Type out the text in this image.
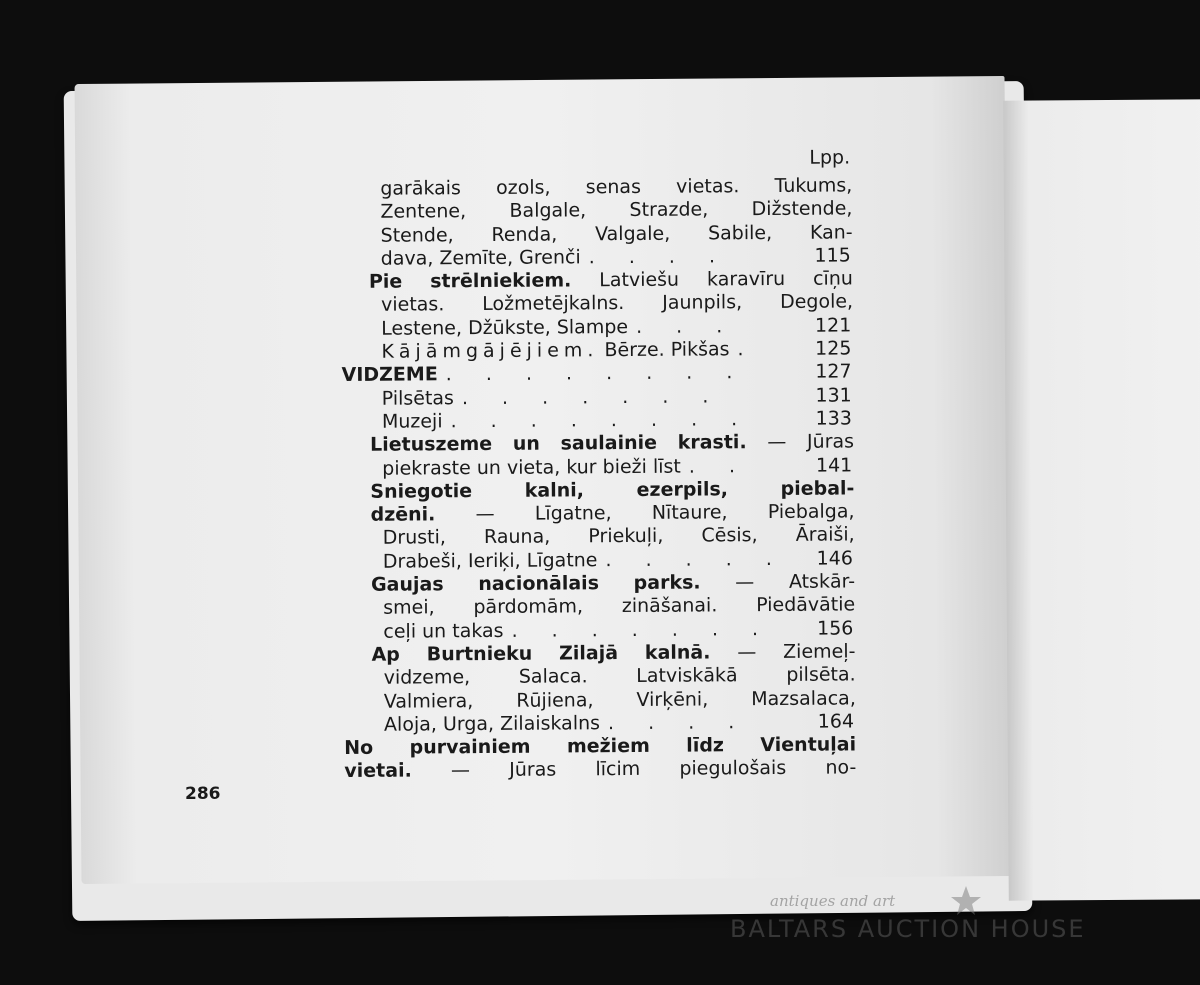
Lpp.
garākais ozols, senas vietas. Tukums,
Zentene, Balgale, Strazde, Dižstende,
Stende, Renda, Valgale, Sabile, Kan-
dava, Zemīte, Grenči . . . .	115
Pie strēlniekiem. Latviešu karavīru cīņu
vietas. Ložmetējkalns. Jaunpils, Degole,
Lestene, Džūkste, Slampe . . .	121
Kājāmgājējiem. Bērze. Pikšas .	125
VIDZEME . . . . . . . .	127
Pilsētas . . . . . . .	131
Muzeji . . . . . . . .	133
Lietuszeme un saulainie krasti. — Jūras
piekraste un vieta, kur bieži līst . .	141
Sniegotie	kalni,	ezerpils,	piebal-
dzēni. — Līgatne, Nītaure, Piebalga,
Drusti, Rauna, Priekuļi, Cēsis, Āraiši,
Drabeši, Ieriķi, Līgatne . . . . . 146
Gaujas nacionālais parks. — Atskār-
smei, pārdomām, zināšanai. Piedāvātie
ceļi un takas . . . . . . . 156
Ap Burtnieku Zilajā kalnā. — Ziemeļ-
vidzeme,	Salaca.	Latviskākā	pilsēta.
Valmiera, Rūjiena, Virķēni, Mazsalaca,
Aloja, Urga, Zilaiskalns . . . .	164
No purvainiem mežiem līdz Vientuļai
vietai. — Jūras līcim piegulošais no-
286
antiques and art
BALTARS AUCTION HOUSE
